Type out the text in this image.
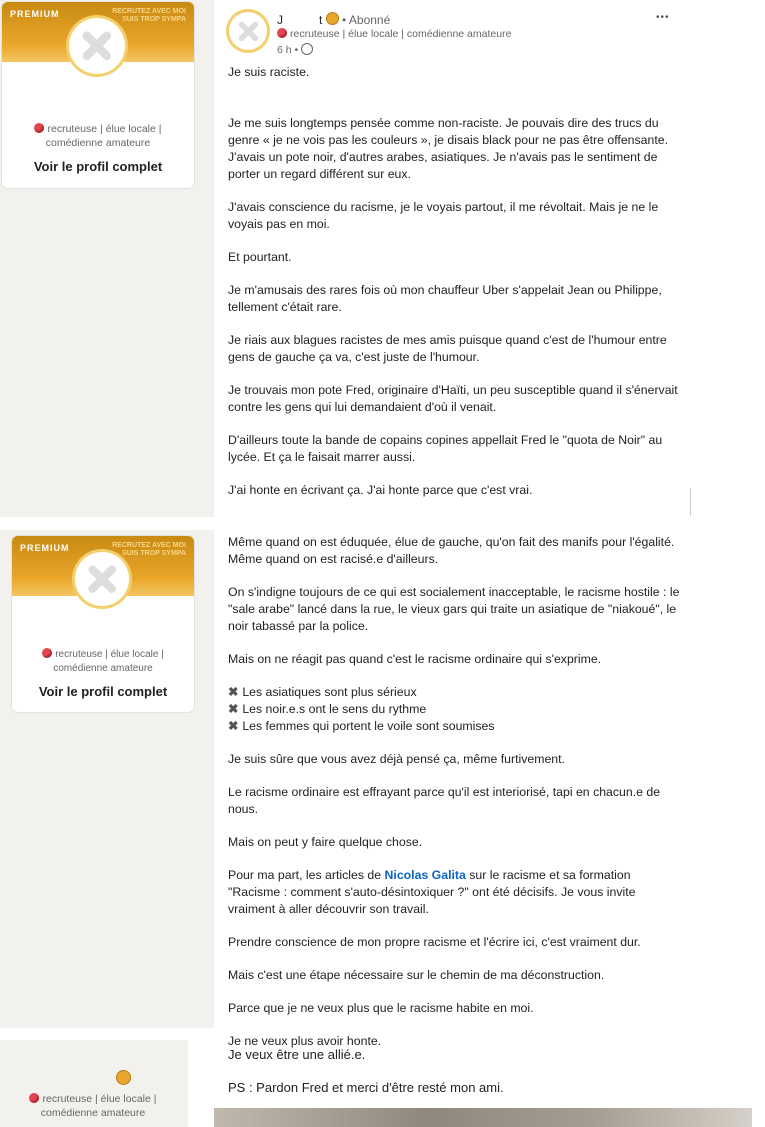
PREMIUM	RECRUTEZ AVEC MOI SUIS TROP SYMPA
recruteuse | élue locale |
comédienne amateure
Voir le profil complet
J	t • Abonné
recruteuse | élue locale | comédienne amateure
6 h •
•••

Je suis raciste.

Je me suis longtemps pensée comme non-raciste. Je pouvais dire des trucs du genre « je ne vois pas les couleurs », je disais black pour ne pas être offensante. J'avais un pote noir, d'autres arabes, asiatiques. Je n'avais pas le sentiment de porter un regard différent sur eux.

J'avais conscience du racisme, je le voyais partout, il me révoltait. Mais je ne le voyais pas en moi.

Et pourtant.

Je m'amusais des rares fois où mon chauffeur Uber s'appelait Jean ou Philippe, tellement c'était rare.

Je riais aux blagues racistes de mes amis puisque quand c'est de l'humour entre gens de gauche ça va, c'est juste de l'humour.

Je trouvais mon pote Fred, originaire d'Haïti, un peu susceptible quand il s'énervait contre les gens qui lui demandaient d'où il venait.

D'ailleurs toute la bande de copains copines appellait Fred le "quota de Noir" au lycée. Et ça le faisait marrer aussi.

J'ai honte en écrivant ça. J'ai honte parce que c'est vrai.

PREMIUM	RECRUTEZ AVEC MOI SUIS TROP SYMPA
recruteuse | élue locale |
comédienne amateure
Voir le profil complet

Même quand on est éduquée, élue de gauche, qu'on fait des manifs pour l'égalité. Même quand on est racisé.e d'ailleurs.

On s'indigne toujours de ce qui est socialement inacceptable, le racisme hostile : le "sale arabe" lancé dans la rue, le vieux gars qui traite un asiatique de "niakoué", le noir tabassé par la police.

Mais on ne réagit pas quand c'est le racisme ordinaire qui s'exprime.

✖ Les asiatiques sont plus sérieux

✖ Les noir.e.s ont le sens du rythme

✖ Les femmes qui portent le voile sont soumises

Je suis sûre que vous avez déjà pensé ça, même furtivement.

Le racisme ordinaire est effrayant parce qu'il est interiorisé, tapi en chacun.e de nous.

Mais on peut y faire quelque chose.

Pour ma part, les articles de Nicolas Galita sur le racisme et sa formation "Racisme : comment s'auto-désintoxiquer ?" ont été décisifs. Je vous invite vraiment à aller découvrir son travail.

Prendre conscience de mon propre racisme et l'écrire ici, c'est vraiment dur.

Mais c'est une étape nécessaire sur le chemin de ma déconstruction.

Parce que je ne veux plus que le racisme habite en moi.

Je ne veux plus avoir honte.

recruteuse | élue locale |
comédienne amateure

Je veux être une allié.e.

PS : Pardon Fred et merci d'être resté mon ami.
